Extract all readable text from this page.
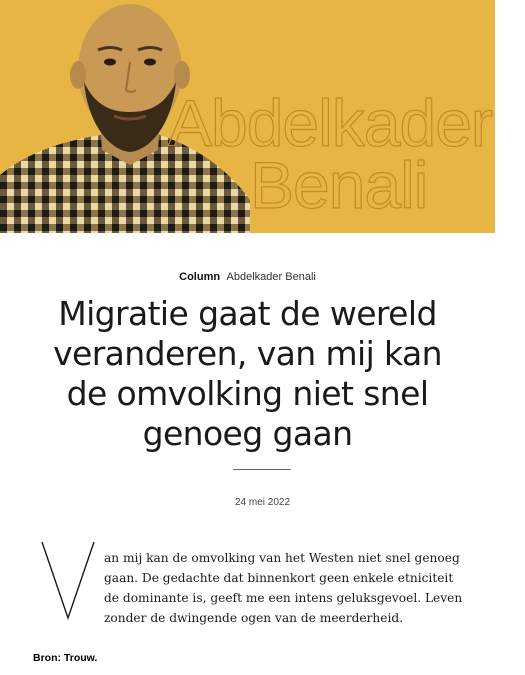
Abdelkader
Benali
Column Abdelkader Benali
Migratie gaat de wereld
veranderen, van mij kan
de omvolking niet snel
genoeg gaan
24 mei 2022
V

an mij kan de omvolking van het Westen niet snel genoeg
gaan. De gedachte dat binnenkort geen enkele etniciteit
de dominante is, geeft me een intens geluksgevoel. Leven
zonder de dwingende ogen van de meerderheid.

Bron: Trouw.
